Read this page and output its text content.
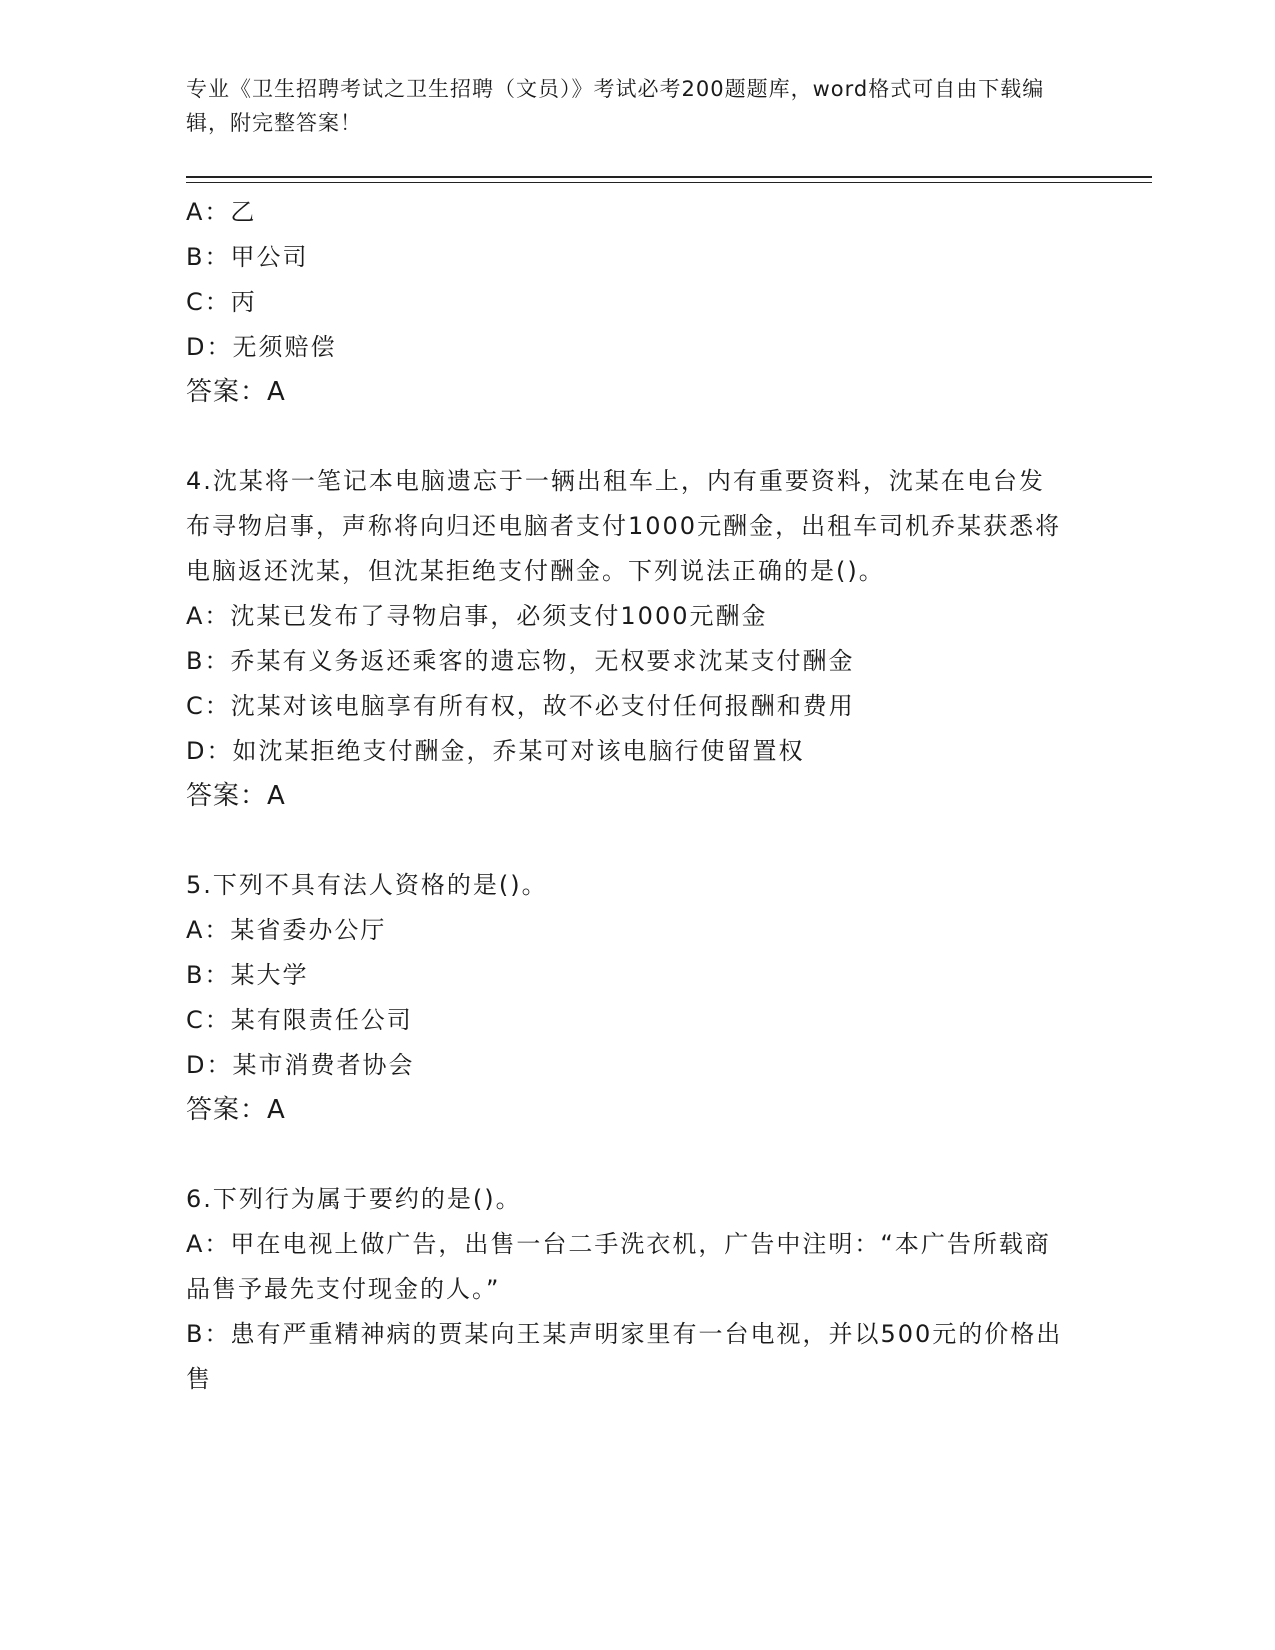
专业《卫生招聘考试之卫生招聘（文员）》考试必考200题题库，word格式可自由下载编辑，附完整答案！
A：乙
B：甲公司
C：丙
D：无须赔偿
答案：A
4.沈某将一笔记本电脑遗忘于一辆出租车上，内有重要资料，沈某在电台发布寻物启事，声称将向归还电脑者支付1000元酬金，出租车司机乔某获悉将电脑返还沈某，但沈某拒绝支付酬金。下列说法正确的是()。
A：沈某已发布了寻物启事，必须支付1000元酬金
B：乔某有义务返还乘客的遗忘物，无权要求沈某支付酬金
C：沈某对该电脑享有所有权，故不必支付任何报酬和费用
D：如沈某拒绝支付酬金，乔某可对该电脑行使留置权
答案：A
5.下列不具有法人资格的是()。
A：某省委办公厅
B：某大学
C：某有限责任公司
D：某市消费者协会
答案：A
6.下列行为属于要约的是()。
A：甲在电视上做广告，出售一台二手洗衣机，广告中注明：“本广告所载商品售予最先支付现金的人。”
B：患有严重精神病的贾某向王某声明家里有一台电视，并以500元的价格出售
